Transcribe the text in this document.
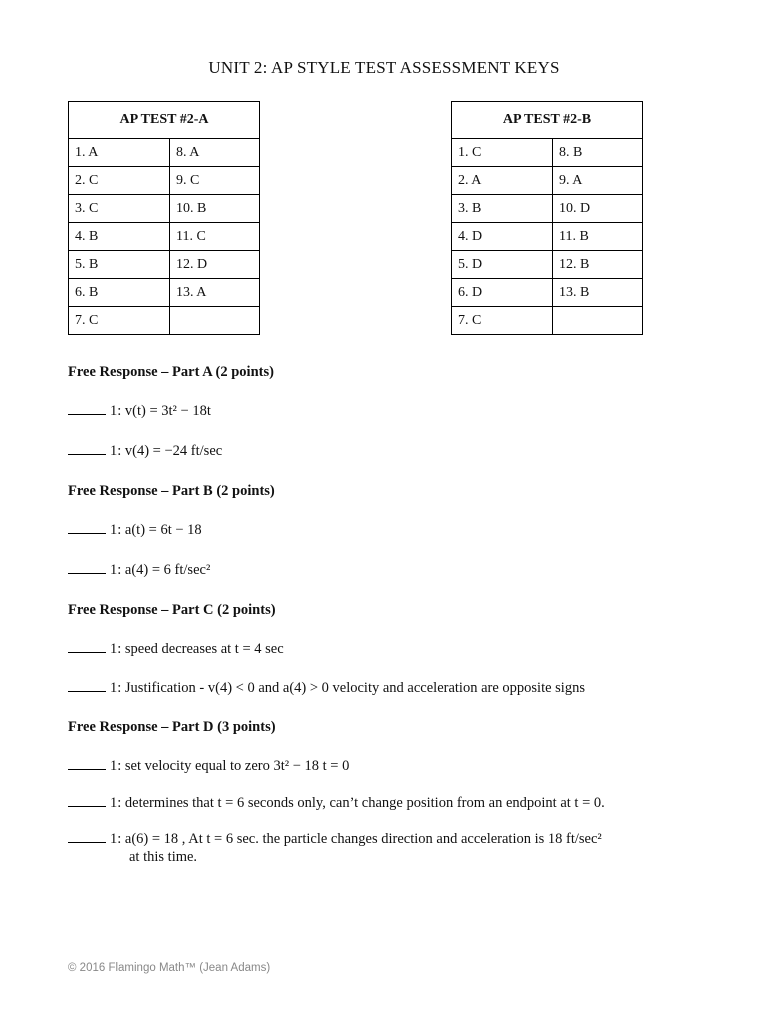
UNIT 2: AP STYLE TEST ASSESSMENT KEYS
AP TEST #2-A	
1. A	8. A
2. C	9. C
3. C	10. B
4. B	11. C
5. B	12. D
6. B	13. A
7. C	
AP TEST #2-B	
1. C	8. B
2. A	9. A
3. B	10. D
4. D	11. B
5. D	12. B
6. D	13. B
7. C	
Free Response – Part A (2 points)
1: v(t) = 3t² − 18t
1: v(4) = −24 ft/sec
Free Response – Part B (2 points)
1: a(t) = 6t − 18
1: a(4) = 6 ft/sec²
Free Response – Part C (2 points)
1: speed decreases at t = 4 sec
1: Justification - v(4) < 0 and a(4) > 0 velocity and acceleration are opposite signs
Free Response – Part D (3 points)
1: set velocity equal to zero 3t² − 18 t = 0
1: determines that t = 6 seconds only, can’t change position from an endpoint at t = 0.
1: a(6) = 18 , At t = 6 sec. the particle changes direction and acceleration is 18 ft/sec²
at this time.
© 2016 Flamingo Math™ (Jean Adams)
